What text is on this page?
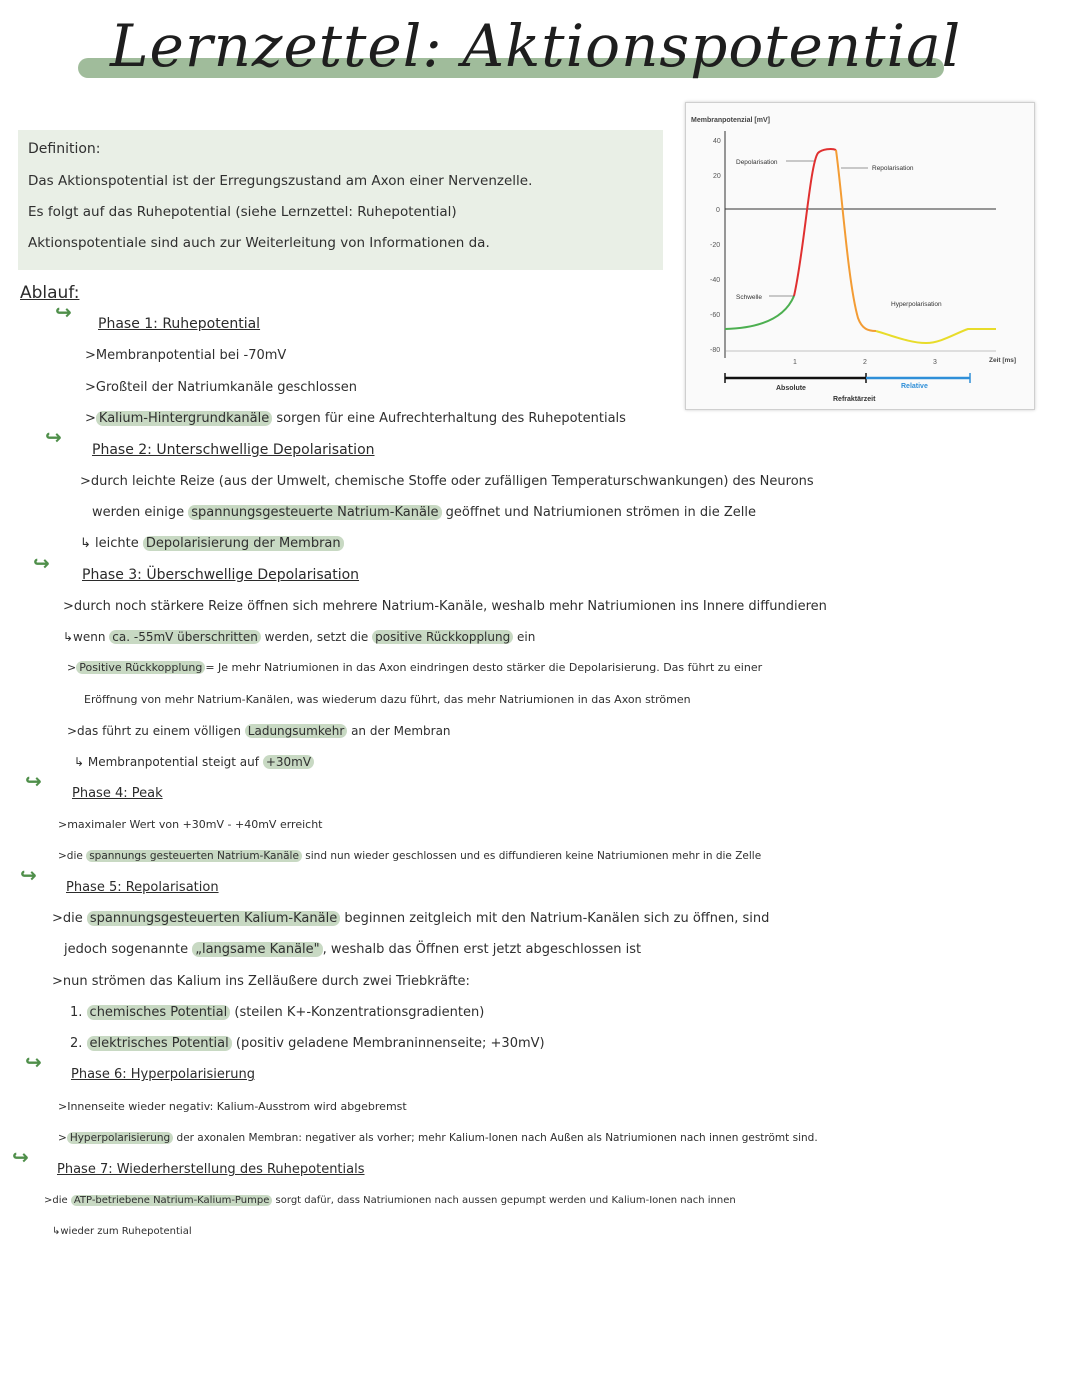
Lernzettel: Aktionspotential
Definition:
Das Aktionspotential ist der Erregungszustand am Axon einer Nervenzelle.
Es folgt auf das Ruhepotential (siehe Lernzettel: Ruhepotential)
Aktionspotentiale sind auch zur Weiterleitung von Informationen da.
Membranpotenzial [mV]
40
20
0
-20
-40
-60
-80
1	2	3	Zeit [ms]
Depolarisation
Repolarisation
Schwelle
Hyperpolarisation
Absolute	Relative
Refraktärzeit
Ablauf:
↪ Phase 1: Ruhepotential
>Membranpotential bei -70mV
>Großteil der Natriumkanäle geschlossen
> Kalium-Hintergrundkanäle sorgen für eine Aufrechterhaltung des Ruhepotentials
↪
Phase 2: Unterschwellige Depolarisation
>durch leichte Reize (aus der Umwelt, chemische Stoffe oder zufälligen Temperaturschwankungen) des Neurons
werden einige spannungsgesteuerte Natrium-Kanäle geöffnet und Natriumionen strömen in die Zelle
↳ leichte Depolarisierung der Membran
↪ Phase 3: Überschwellige Depolarisation
>durch noch stärkere Reize öffnen sich mehrere Natrium-Kanäle, weshalb mehr Natriumionen ins Innere diffundieren
↳wenn ca. -55mV überschritten werden, setzt die positive Rückkopplung ein
> Positive Rückkopplung = Je mehr Natriumionen in das Axon eindringen desto stärker die Depolarisierung. Das führt zu einer
Eröffnung von mehr Natrium-Kanälen, was wiederum dazu führt, das mehr Natriumionen in das Axon strömen
>das führt zu einem völligen Ladungsumkehr an der Membran
↳ Membranpotential steigt auf +30mV
↪
Phase 4: Peak
>maximaler Wert von +30mV - +40mV erreicht
>die spannungs gesteuerten Natrium-Kanäle sind nun wieder geschlossen und es diffundieren keine Natriumionen mehr in die Zelle
↪
Phase 5: Repolarisation
>die spannungsgesteuerten Kalium-Kanäle beginnen zeitgleich mit den Natrium-Kanälen sich zu öffnen, sind
jedoch sogenannte „langsame Kanäle" , weshalb das Öffnen erst jetzt abgeschlossen ist
>nun strömen das Kalium ins Zelläußere durch zwei Triebkräfte:
1. chemisches Potential (steilen K+-Konzentrationsgradienten)
2. elektrisches Potential (positiv geladene Membraninnenseite; +30mV)
↪
Phase 6: Hyperpolarisierung
>Innenseite wieder negativ: Kalium-Ausstrom wird abgebremst
> Hyperpolarisierung der axonalen Membran: negativer als vorher; mehr Kalium-Ionen nach Außen als Natriumionen nach innen geströmt sind.
↪
Phase 7: Wiederherstellung des Ruhepotentials
>die ATP-betriebene Natrium-Kalium-Pumpe sorgt dafür, dass Natriumionen nach aussen gepumpt werden und Kalium-Ionen nach innen
↳wieder zum Ruhepotential
